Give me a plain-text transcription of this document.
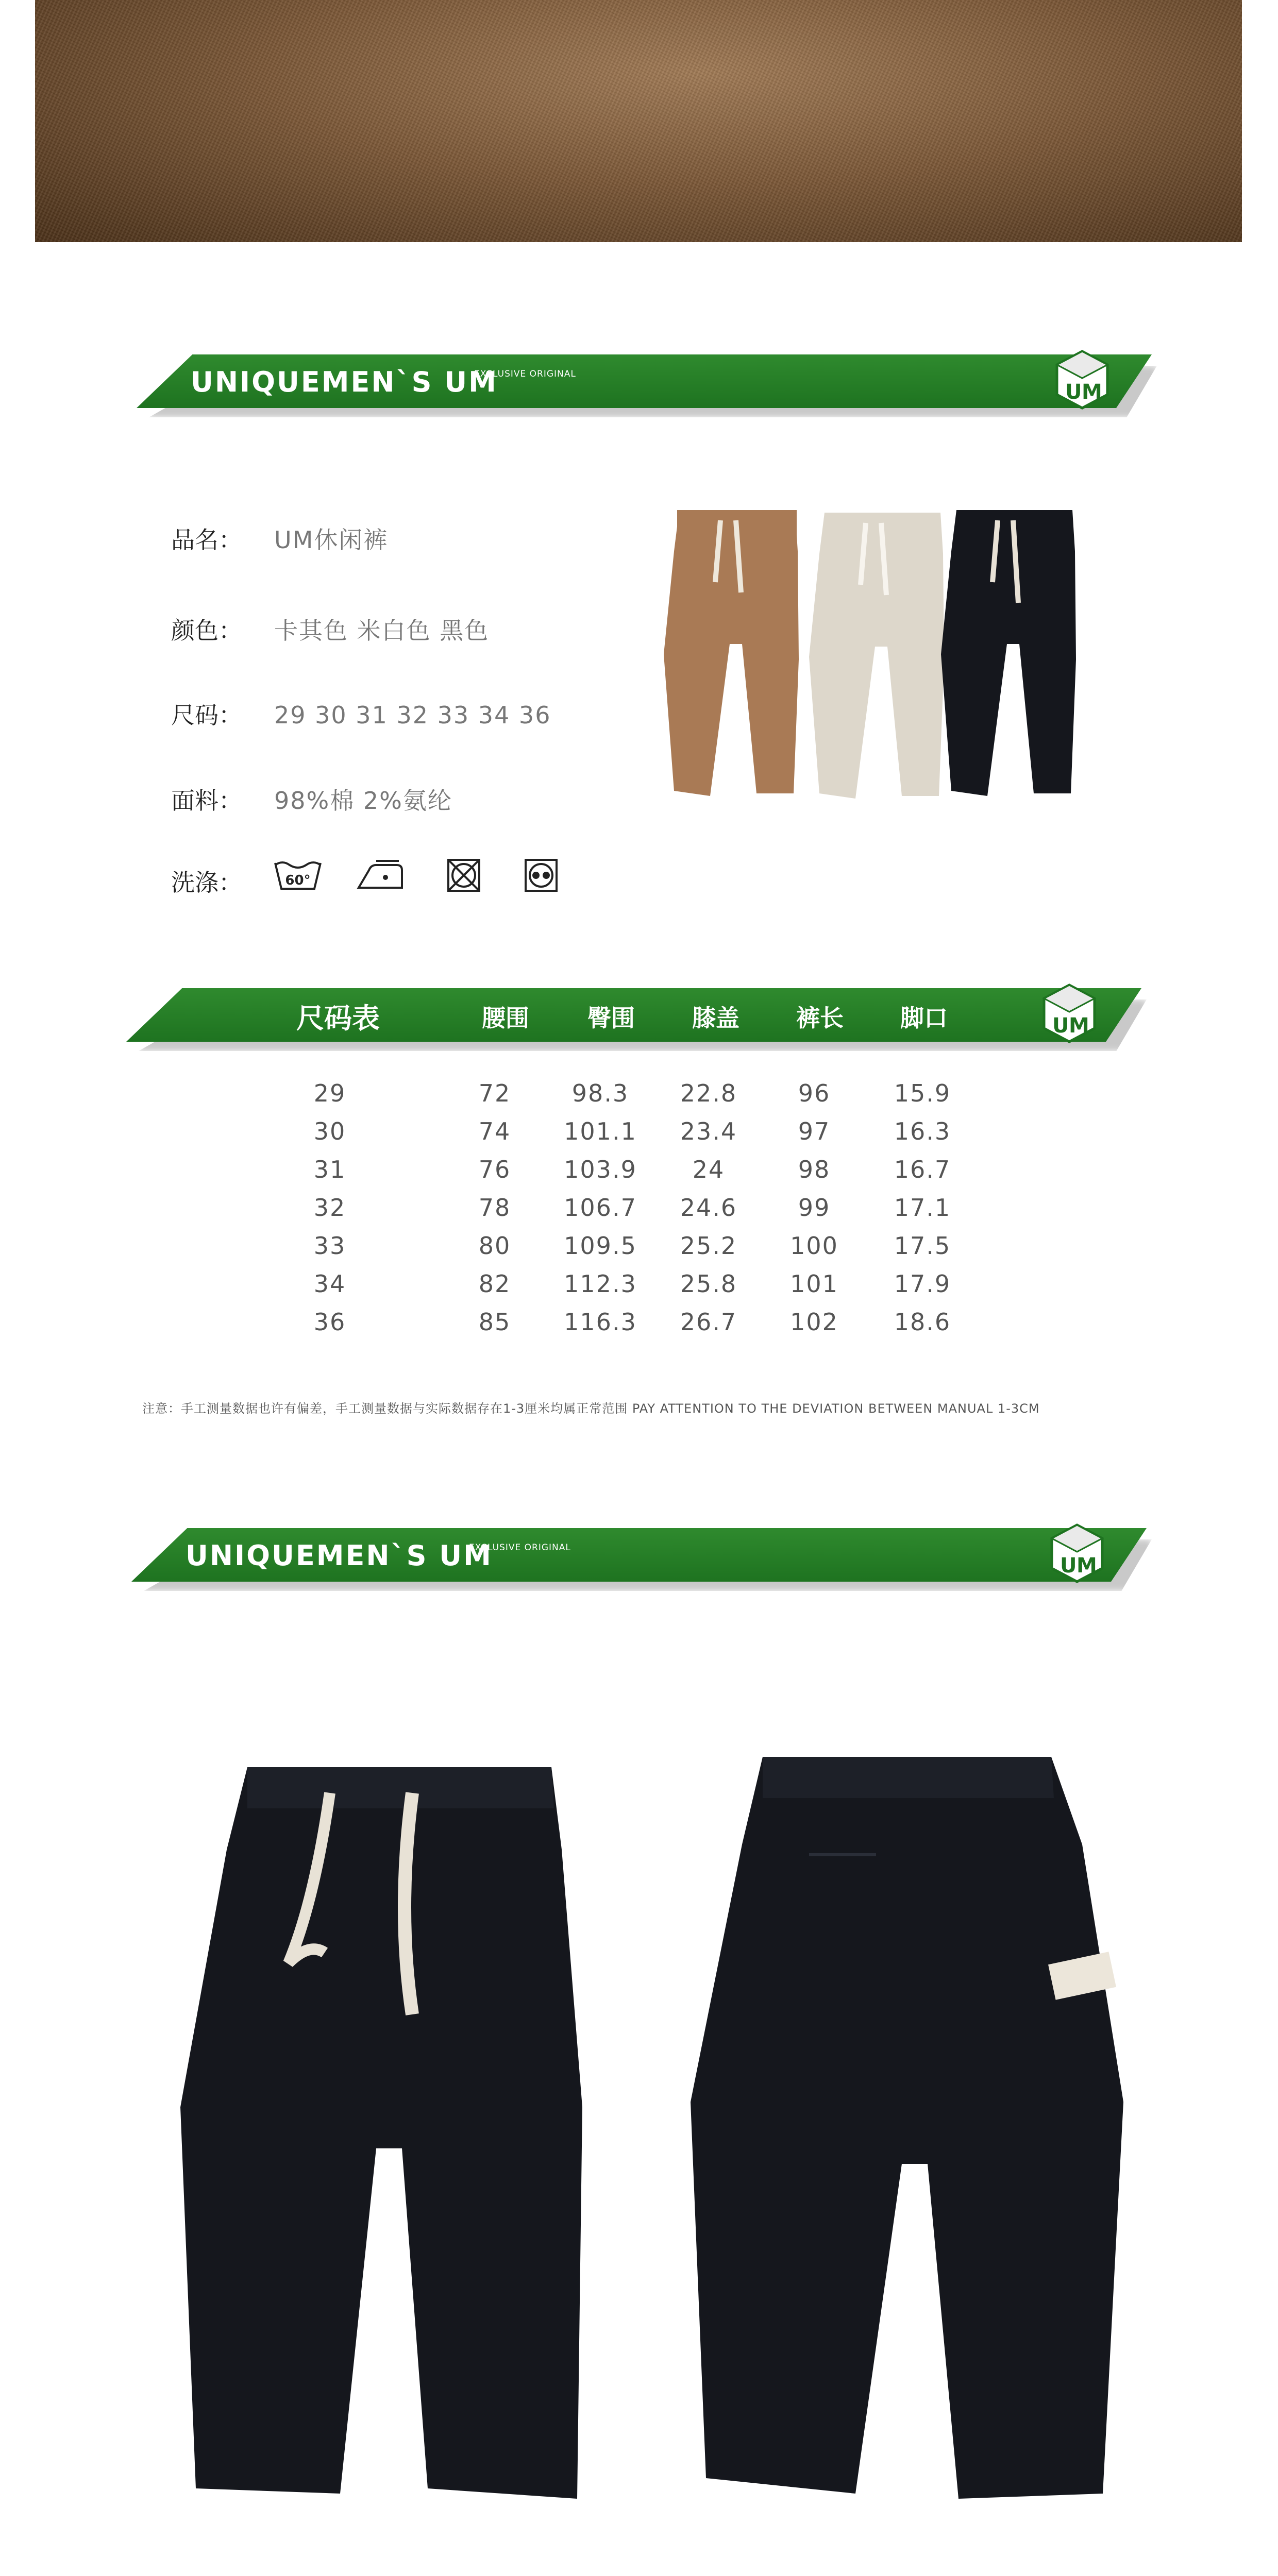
UNIQUEMEN`S UM
EXCLUSIVE ORIGINAL
U M
品名： UM休闲裤
颜色： 卡其色 米白色 黑色
尺码： 29 30 31 32 33 34 36
面料： 98%棉 2%氨纶
洗涤：	60°
尺码表	腰围 臀围 膝盖 裤长 脚口	U M
29	72	98.3	22.8	96	15.9
30	74	101.1	23.4	97	16.3
31	76	103.9	24	98	16.7
32	78	106.7	24.6	99	17.1
33	80	109.5	25.2	100	17.5
34	82	112.3	25.8	101	17.9
36	85	116.3	26.7	102	18.6
注意：手工测量数据也许有偏差，手工测量数据与实际数据存在1-3厘米均属正常范围 PAY ATTENTION TO THE DEVIATION BETWEEN MANUAL 1-3CM
UNIQUEMEN`S UM
EXCLUSIVE ORIGINAL
U M
